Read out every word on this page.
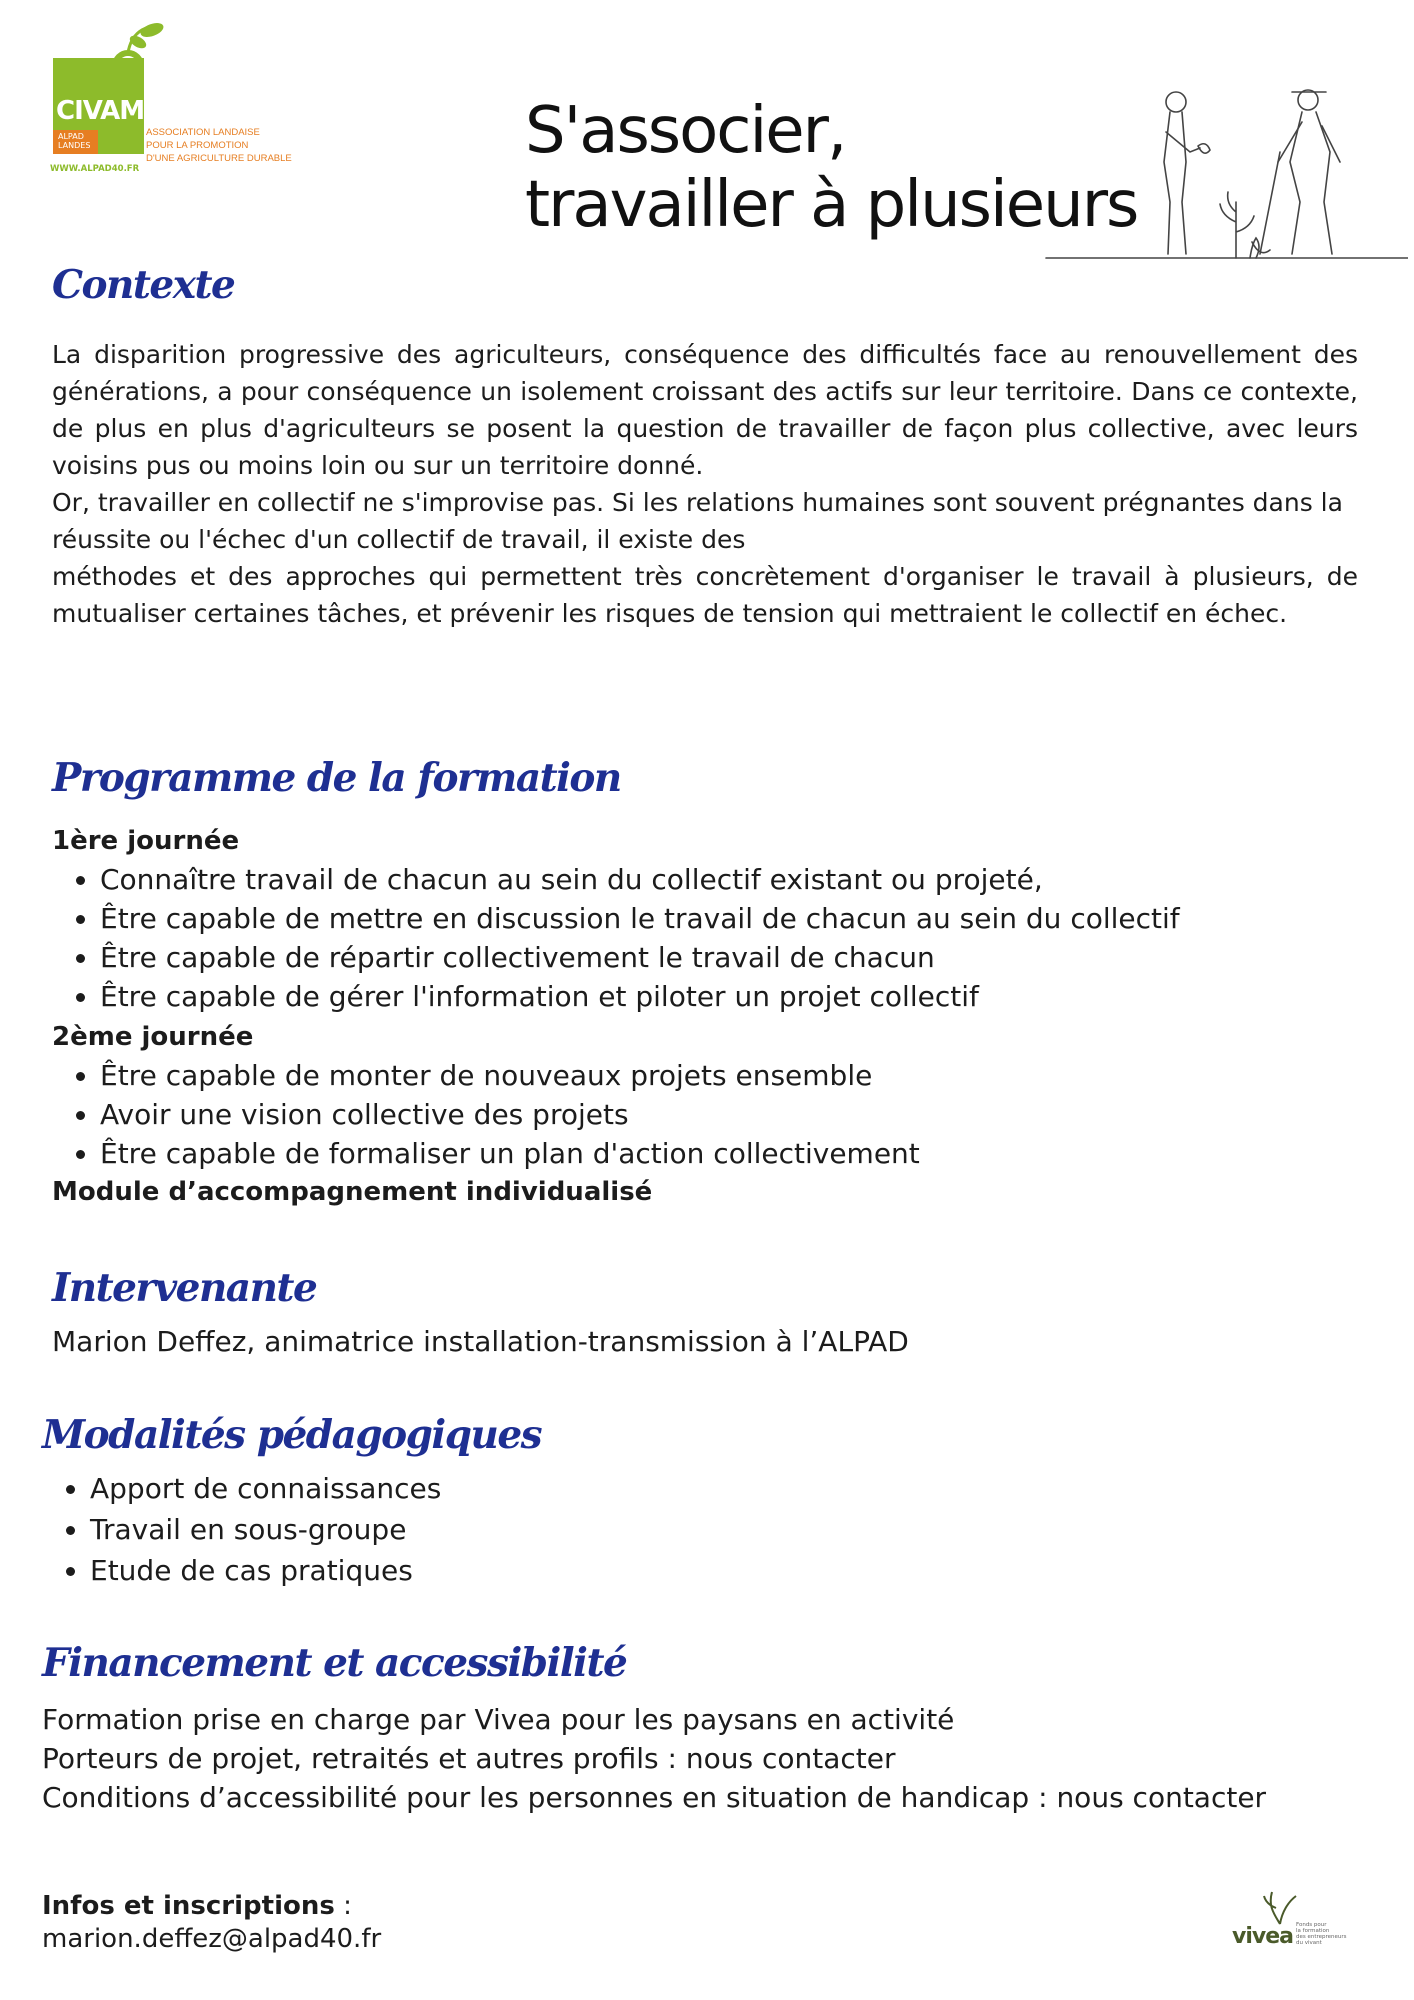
CIVAM
ALPAD
LANDES
ASSOCIATION LANDAISE
POUR LA PROMOTION
D'UNE AGRICULTURE DURABLE
WWW.ALPAD40.FR
S'associer,
travailler à plusieurs
Contexte

La disparition progressive des agriculteurs, conséquence des difficultés face au renouvellement des générations, a pour conséquence un isolement croissant des actifs sur leur territoire. Dans ce contexte, de plus en plus d'agriculteurs se posent la question de travailler de façon plus collective, avec leurs voisins pus ou moins loin ou sur un territoire donné.

Or, travailler en collectif ne s'improvise pas. Si les relations humaines sont souvent prégnantes dans la réussite ou l'échec d'un collectif de travail, il existe des

méthodes et des approches qui permettent très concrètement d'organiser le travail à plusieurs, de mutualiser certaines tâches, et prévenir les risques de tension qui mettraient le collectif en échec.

Programme de la formation
1ère journée
• Connaître travail de chacun au sein du collectif existant ou projeté,
• Être capable de mettre en discussion le travail de chacun au sein du collectif
• Être capable de répartir collectivement le travail de chacun
• Être capable de gérer l'information et piloter un projet collectif
2ème journée
• Être capable de monter de nouveaux projets ensemble
• Avoir une vision collective des projets
• Être capable de formaliser un plan d'action collectivement
Module d’accompagnement individualisé
Intervenante
Marion Deffez, animatrice installation-transmission à l’ALPAD
Modalités pédagogiques
• Apport de connaissances
• Travail en sous-groupe
• Etude de cas pratiques
Financement et accessibilité
Formation prise en charge par Vivea pour les paysans en activité
Porteurs de projet, retraités et autres profils : nous contacter
Conditions d’accessibilité pour les personnes en situation de handicap : nous contacter
Infos et inscriptions :
marion.deffez@alpad40.fr	vivea Fonds pour
la formation
des entrepreneurs
du vivant
